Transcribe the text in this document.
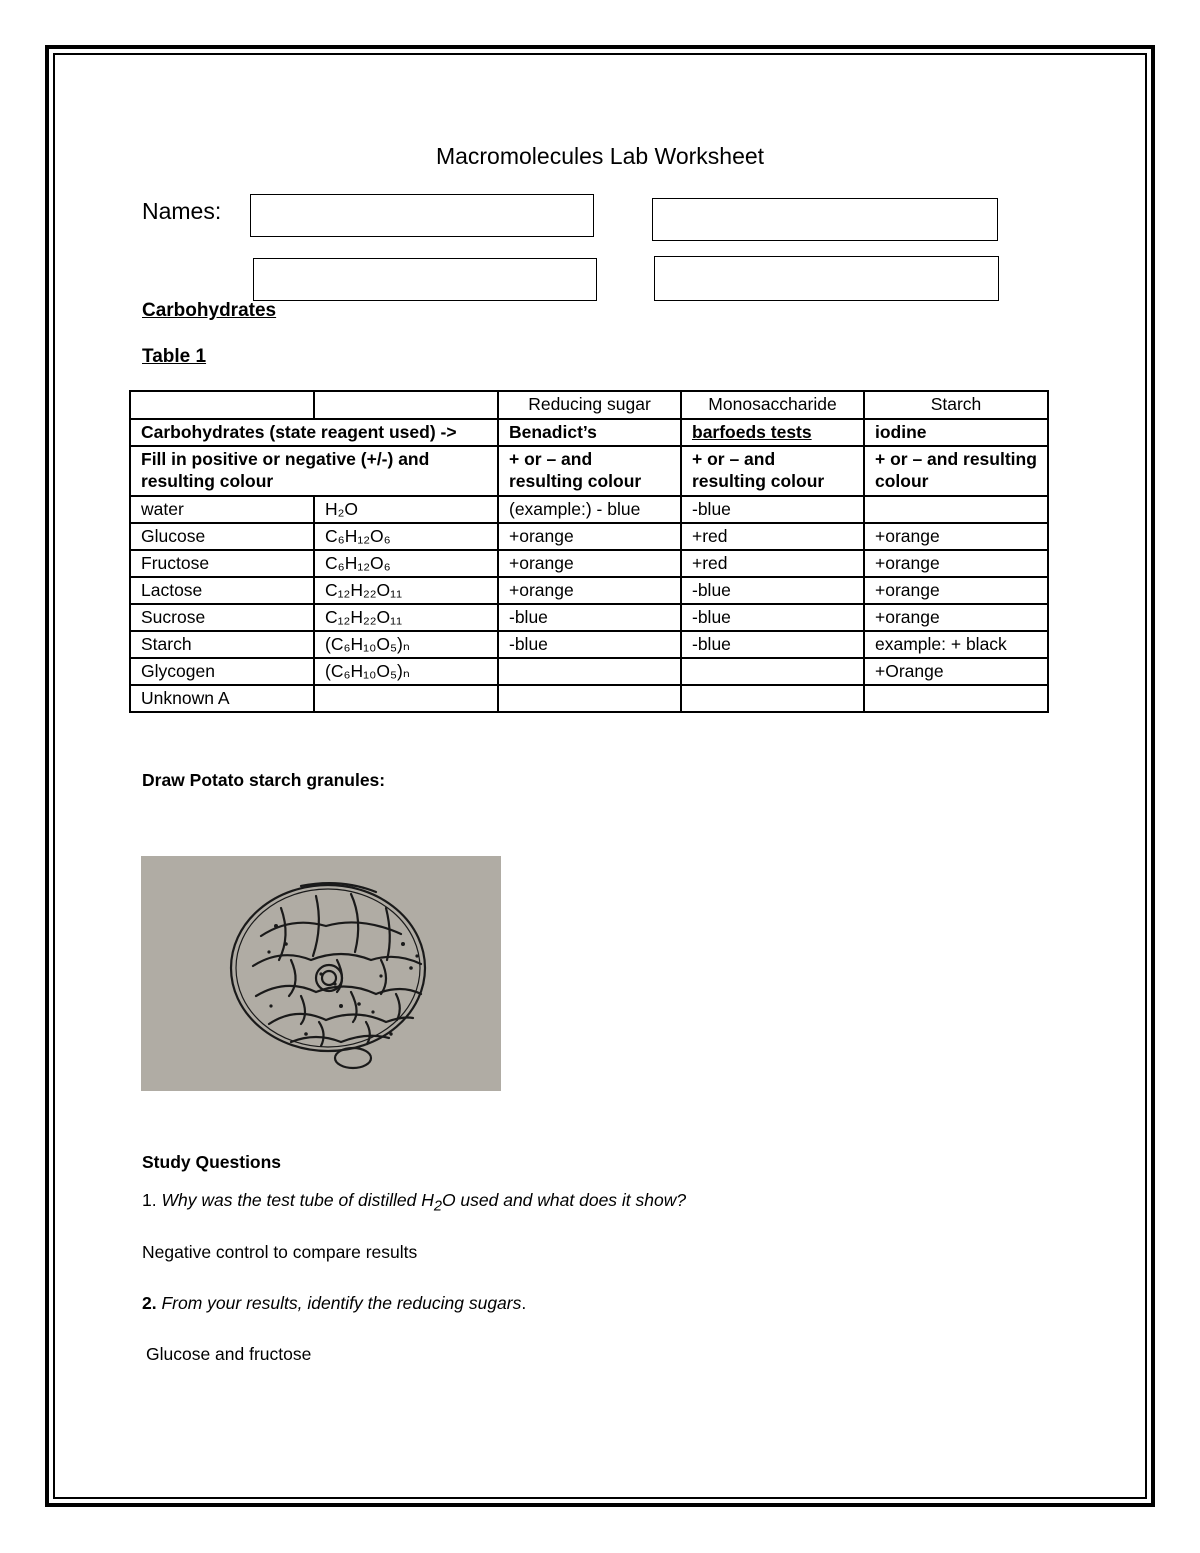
Macromolecules Lab Worksheet
Names:
Carbohydrates
Table 1
		Reducing sugar	Monosaccharide	Starch
Carbohydrates (state reagent used) ->		Benadict’s	barfoeds tests	iodine
Fill in positive or negative (+/-) and resulting colour		+ or – and resulting colour	+ or – and resulting colour	+ or – and resulting colour
water	H₂O	(example:) - blue	-blue	
Glucose	C₆H₁₂O₆	+orange	+red	+orange
Fructose	C₆H₁₂O₆	+orange	+red	+orange
Lactose	C₁₂H₂₂O₁₁	+orange	-blue	+orange
Sucrose	C₁₂H₂₂O₁₁	-blue	-blue	+orange
Starch	(C₆H₁₀O₅)ₙ	-blue	-blue	example: + black
Glycogen	(C₆H₁₀O₅)ₙ			+Orange
Unknown A				
Draw Potato starch granules:
Study Questions
1. Why was the test tube of distilled $H_2O$ used and what does it show?
Negative control to compare results
2. From your results, identify the reducing sugars.
Glucose and fructose
